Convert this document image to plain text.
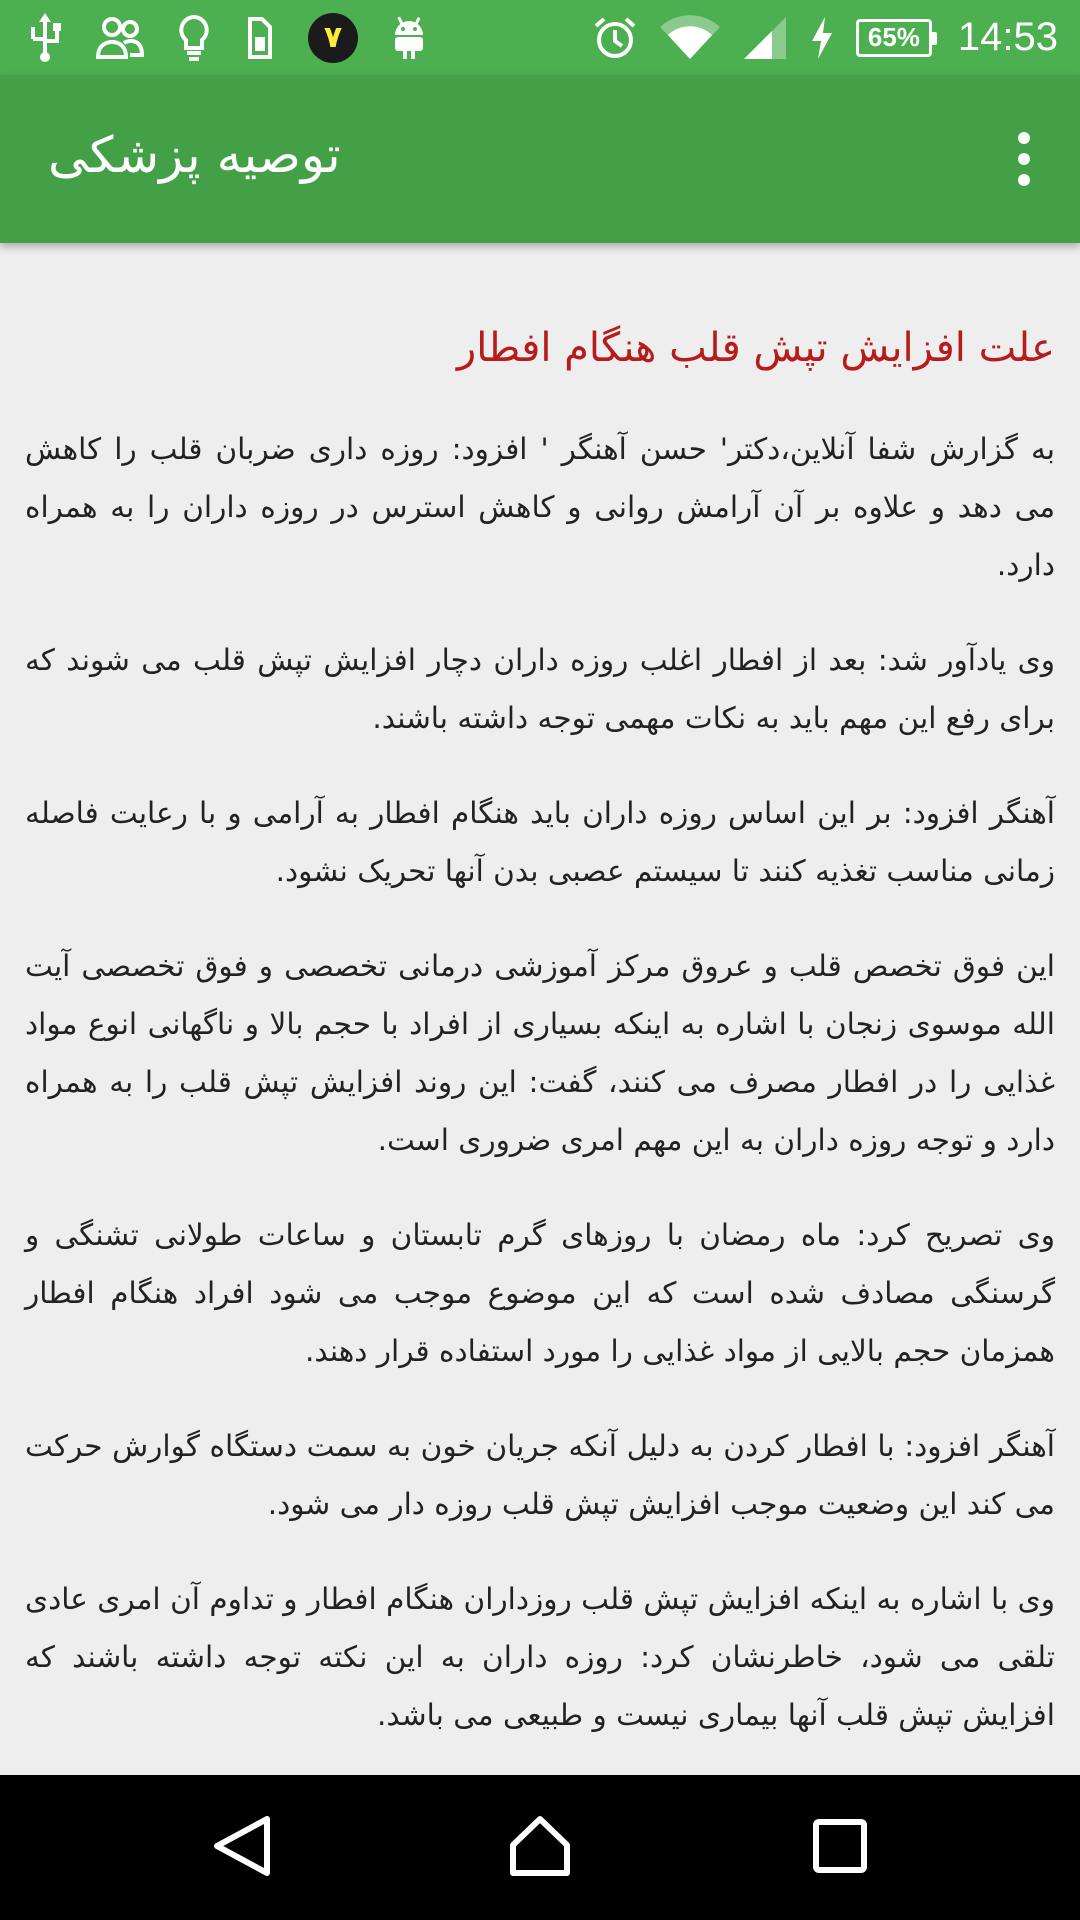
۷	65% 14:53
توصیه پزشکی
علت افزایش تپش قلب هنگام افطار

به گزارش شفا آنلاین،دکتر' حسن آهنگر ' افزود: روزه داری ضربان قلب را کاهش می دهد و علاوه بر آن آرامش روانی و کاهش استرس در روزه داران را به همراه دارد.

وی یادآور شد: بعد از افطار اغلب روزه داران دچار افزایش تپش قلب می شوند که برای رفع این مهم باید به نکات مهمی توجه داشته باشند.

آهنگر افزود: بر این اساس روزه داران باید هنگام افطار به آرامی و با رعایت فاصله زمانی مناسب تغذیه کنند تا سیستم عصبی بدن آنها تحریک نشود.

این فوق تخصص قلب و عروق مرکز آموزشی درمانی تخصصی و فوق تخصصی آیت الله موسوی زنجان با اشاره به اینکه بسیاری از افراد با حجم بالا و ناگهانی انوع مواد غذایی را در افطار مصرف می کنند، گفت: این روند افزایش تپش قلب را به همراه دارد و توجه روزه داران به این مهم امری ضروری است.

وی تصریح کرد: ماه رمضان با روزهای گرم تابستان و ساعات طولانی تشنگی و گرسنگی مصادف شده است که این موضوع موجب می شود افراد هنگام افطار همزمان حجم بالایی از مواد غذایی را مورد استفاده قرار دهند.

آهنگر افزود: با افطار کردن به دلیل آنکه جریان خون به سمت دستگاه گوارش حرکت می کند این وضعیت موجب افزایش تپش قلب روزه دار می شود.

وی با اشاره به اینکه افزایش تپش قلب روزداران هنگام افطار و تداوم آن امری عادی تلقی می شود، خاطرنشان کرد: روزه داران به این نکته توجه داشته باشند که افزایش تپش قلب آنها بیماری نیست و طبیعی می باشد.
